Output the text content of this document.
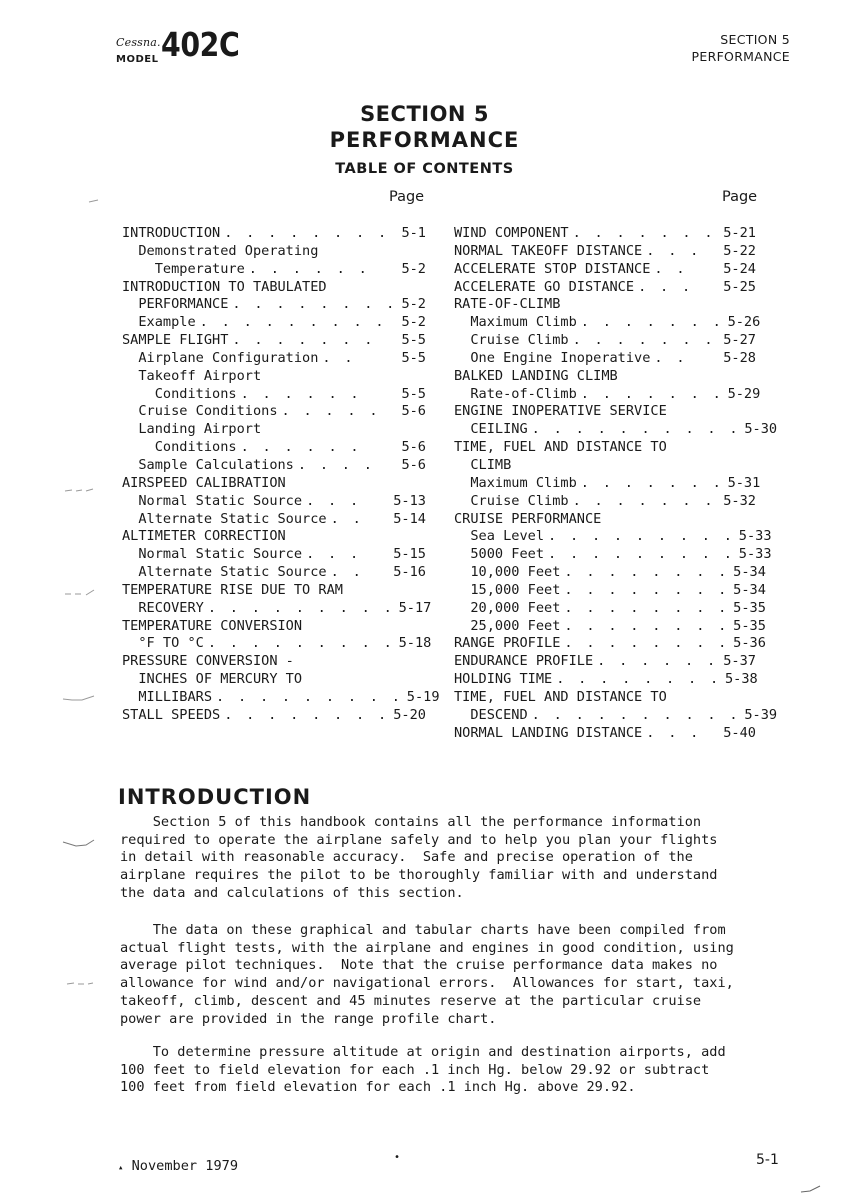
Cessna.
MODEL 402C	SECTION 5
PERFORMANCE
SECTION 5
PERFORMANCE
TABLE OF CONTENTS
Page	Page
INTRODUCTION . . . . . . . . 5-1
Demonstrated Operating
Temperature . . . . . .	5-2
INTRODUCTION TO TABULATED
PERFORMANCE . . . . . . . . 5-2
Example . . . . . . . . .	5-2
SAMPLE FLIGHT . . . . . . .	5-5
Airplane Configuration . .	5-5
Takeoff Airport
Conditions . . . . . .	5-5
Cruise Conditions . . . . .	5-6
Landing Airport
Conditions . . . . . .	5-6
Sample Calculations . . . .	5-6
AIRSPEED CALIBRATION
Normal Static Source . . .	5-13
Alternate Static Source . .	5-14
ALTIMETER CORRECTION
Normal Static Source . . .	5-15
Alternate Static Source . .	5-16
TEMPERATURE RISE DUE TO RAM
RECOVERY . . . . . . . . . 5-17
TEMPERATURE CONVERSION
°F TO °C . . . . . . . . . 5-18
PRESSURE CONVERSION -
INCHES OF MERCURY TO
MILLIBARS . . . . . . . . . 5-19
STALL SPEEDS . . . . . . . . 5-20
WIND COMPONENT . . . . . . . 5-21
NORMAL TAKEOFF DISTANCE . . .	5-22
ACCELERATE STOP DISTANCE . .	5-24
ACCELERATE GO DISTANCE . . .	5-25
RATE-OF-CLIMB
Maximum Climb . . . . . . . 5-26
Cruise Climb . . . . . . . 5-27
One Engine Inoperative . .	5-28
BALKED LANDING CLIMB
Rate-of-Climb . . . . . . . 5-29
ENGINE INOPERATIVE SERVICE
CEILING . . . . . . . . . . 5-30
TIME, FUEL AND DISTANCE TO
CLIMB
Maximum Climb . . . . . . . 5-31
Cruise Climb . . . . . . . 5-32
CRUISE PERFORMANCE
Sea Level . . . . . . . . . 5-33
5000 Feet . . . . . . . . . 5-33
10,000 Feet . . . . . . . . 5-34
15,000 Feet . . . . . . . . 5-34
20,000 Feet . . . . . . . . 5-35
25,000 Feet . . . . . . . . 5-35
RANGE PROFILE . . . . . . . . 5-36
ENDURANCE PROFILE . . . . . . 5-37
HOLDING TIME . . . . . . . . 5-38
TIME, FUEL AND DISTANCE TO
DESCEND . . . . . . . . . . 5-39
NORMAL LANDING DISTANCE . . .	5-40
INTRODUCTION
Section 5 of this handbook contains all the performance information
required to operate the airplane safely and to help you plan your flights
in detail with reasonable accuracy.  Safe and precise operation of the
airplane requires the pilot to be thoroughly familiar with and understand
the data and calculations of this section.
The data on these graphical and tabular charts have been compiled from
actual flight tests, with the airplane and engines in good condition, using
average pilot techniques.  Note that the cruise performance data makes no
allowance for wind and/or navigational errors.  Allowances for start, taxi,
takeoff, climb, descent and 45 minutes reserve at the particular cruise
power are provided in the range profile chart.
To determine pressure altitude at origin and destination airports, add
100 feet to field elevation for each .1 inch Hg. below 29.92 or subtract
100 feet from field elevation for each .1 inch Hg. above 29.92.
▴ November 1979
•	5-1
